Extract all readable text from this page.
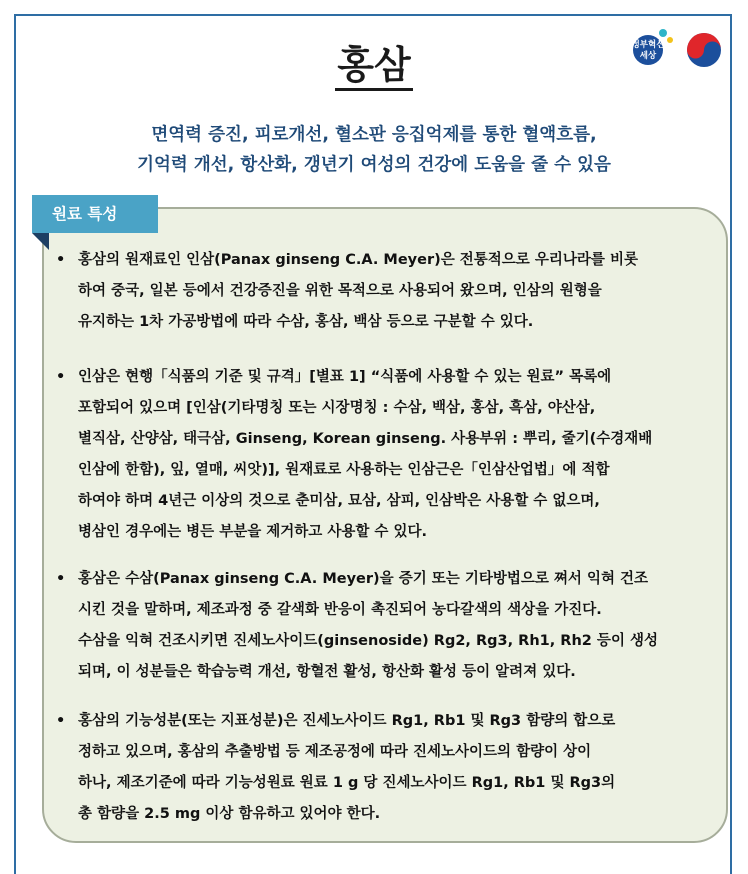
홍삼	정부혁신
세상
면역력 증진, 피로개선, 혈소판 응집억제를 통한 혈액흐름,
기억력 개선, 항산화, 갱년기 여성의 건강에 도움을 줄 수 있음
원료 특성
• 홍삼의 원재료인 인삼(Panax ginseng C.A. Meyer)은 전통적으로 우리나라를 비롯
하여 중국, 일본 등에서 건강증진을 위한 목적으로 사용되어 왔으며, 인삼의 원형을
유지하는 1차 가공방법에 따라 수삼, 홍삼, 백삼 등으로 구분할 수 있다.
• 인삼은 현행「식품의 기준 및 규격」[별표 1] “식품에 사용할 수 있는 원료” 목록에
포함되어 있으며 [인삼(기타명칭 또는 시장명칭 : 수삼, 백삼, 홍삼, 흑삼, 야산삼,
별직삼, 산양삼, 태극삼, Ginseng, Korean ginseng. 사용부위 : 뿌리, 줄기(수경재배
인삼에 한함), 잎, 열매, 씨앗)], 원재료로 사용하는 인삼근은「인삼산업법」에 적합
하여야 하며 4년근 이상의 것으로 춘미삼, 묘삼, 삼피, 인삼박은 사용할 수 없으며,
병삼인 경우에는 병든 부분을 제거하고 사용할 수 있다.
• 홍삼은 수삼(Panax ginseng C.A. Meyer)을 증기 또는 기타방법으로 쪄서 익혀 건조
시킨 것을 말하며, 제조과정 중 갈색화 반응이 촉진되어 농다갈색의 색상을 가진다.
수삼을 익혀 건조시키면 진세노사이드(ginsenoside) Rg2, Rg3, Rh1, Rh2 등이 생성
되며, 이 성분들은 학습능력 개선, 항혈전 활성, 항산화 활성 등이 알려져 있다.
• 홍삼의 기능성분(또는 지표성분)은 진세노사이드 Rg1, Rb1 및 Rg3 함량의 합으로
정하고 있으며, 홍삼의 추출방법 등 제조공정에 따라 진세노사이드의 함량이 상이
하나, 제조기준에 따라 기능성원료 원료 1 g 당 진세노사이드 Rg1, Rb1 및 Rg3의
총 함량을 2.5 mg 이상 함유하고 있어야 한다.
